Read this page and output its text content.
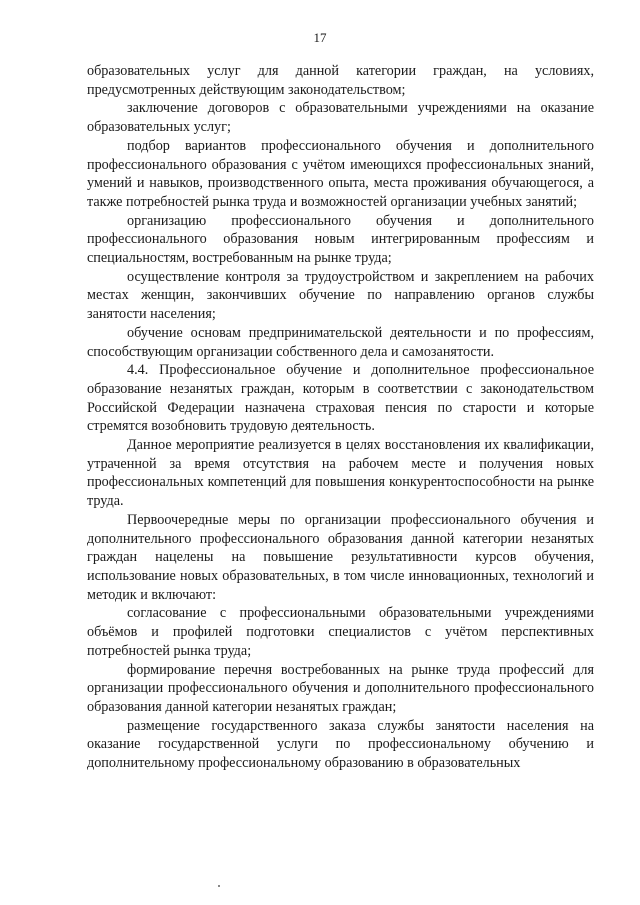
17

образовательных услуг для данной категории граждан, на условиях, предусмотренных действующим законодательством;

заключение договоров с образовательными учреждениями на оказание образовательных услуг;

подбор вариантов профессионального обучения и дополнительного профессионального образования с учётом имеющихся профессиональных знаний, умений и навыков, производственного опыта, места проживания обучающегося, а также потребностей рынка труда и возможностей организации учебных занятий;

организацию профессионального обучения и дополнительного профессионального образования новым интегрированным профессиям и специальностям, востребованным на рынке труда;

осуществление контроля за трудоустройством и закреплением на рабочих местах женщин, закончивших обучение по направлению органов службы занятости населения;

обучение основам предпринимательской деятельности и по профессиям, способствующим организации собственного дела и самозанятости.

4.4. Профессиональное обучение и дополнительное профессиональное образование незанятых граждан, которым в соответствии с законодательством Российской Федерации назначена страховая пенсия по старости и которые стремятся возобновить трудовую деятельность.

Данное мероприятие реализуется в целях восстановления их квалификации, утраченной за время отсутствия на рабочем месте и получения новых профессиональных компетенций для повышения конкурентоспособности на рынке труда.

Первоочередные меры по организации профессионального обучения и дополнительного профессионального образования данной категории незанятых граждан нацелены на повышение результативности курсов обучения, использование новых образовательных, в том числе инновационных, технологий и методик и включают:

согласование с профессиональными образовательными учреждениями объёмов и профилей подготовки специалистов с учётом перспективных потребностей рынка труда;

формирование перечня востребованных на рынке труда профессий для организации профессионального обучения и дополнительного профессионального образования данной категории незанятых граждан;

размещение государственного заказа службы занятости населения на оказание государственной услуги по профессиональному обучению и дополнительному профессиональному образованию в образовательных
